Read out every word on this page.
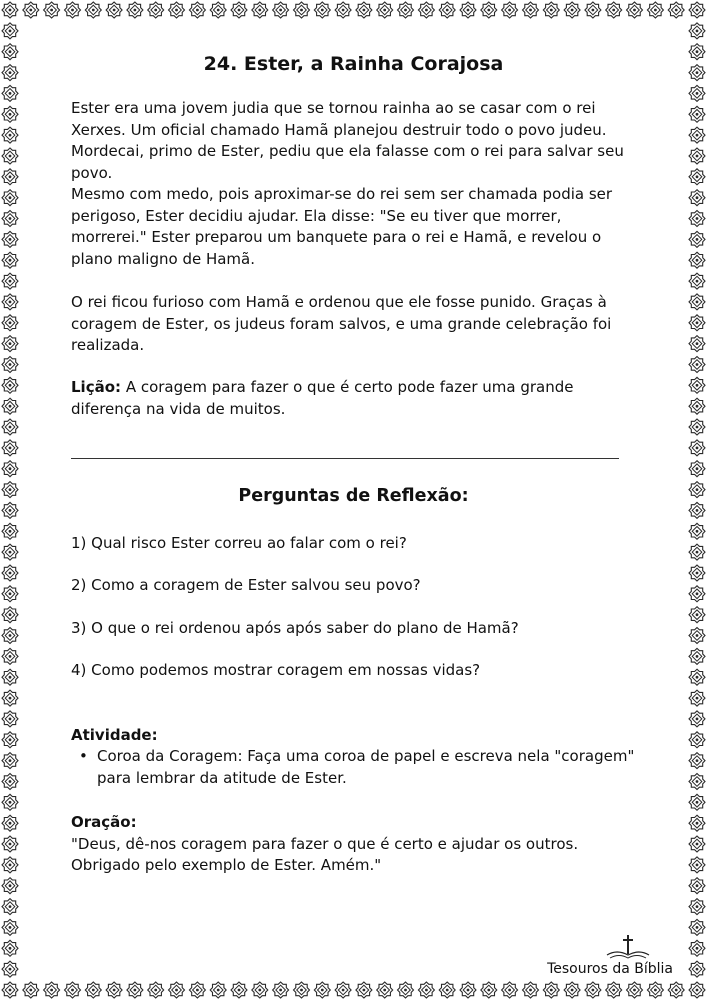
24. Ester, a Rainha Corajosa

Ester era uma jovem judia que se tornou rainha ao se casar com o rei Xerxes. Um oficial chamado Hamã planejou destruir todo o povo judeu. Mordecai, primo de Ester, pediu que ela falasse com o rei para salvar seu povo.

Mesmo com medo, pois aproximar-se do rei sem ser chamada podia ser perigoso, Ester decidiu ajudar. Ela disse: "Se eu tiver que morrer, morrerei." Ester preparou um banquete para o rei e Hamã, e revelou o plano maligno de Hamã.

O rei ficou furioso com Hamã e ordenou que ele fosse punido. Graças à coragem de Ester, os judeus foram salvos, e uma grande celebração foi realizada.

Lição: A coragem para fazer o que é certo pode fazer uma grande diferença na vida de muitos.

Perguntas de Reflexão:

1) Qual risco Ester correu ao falar com o rei?

2) Como a coragem de Ester salvou seu povo?

3) O que o rei ordenou após após saber do plano de Hamã?

4) Como podemos mostrar coragem em nossas vidas?

Atividade:

• Coroa da Coragem: Faça uma coroa de papel e escreva nela "coragem" para lembrar da atitude de Ester.

Oração:
"Deus, dê-nos coragem para fazer o que é certo e ajudar os outros. Obrigado pelo exemplo de Ester. Amém."

Tesouros da Bíblia
